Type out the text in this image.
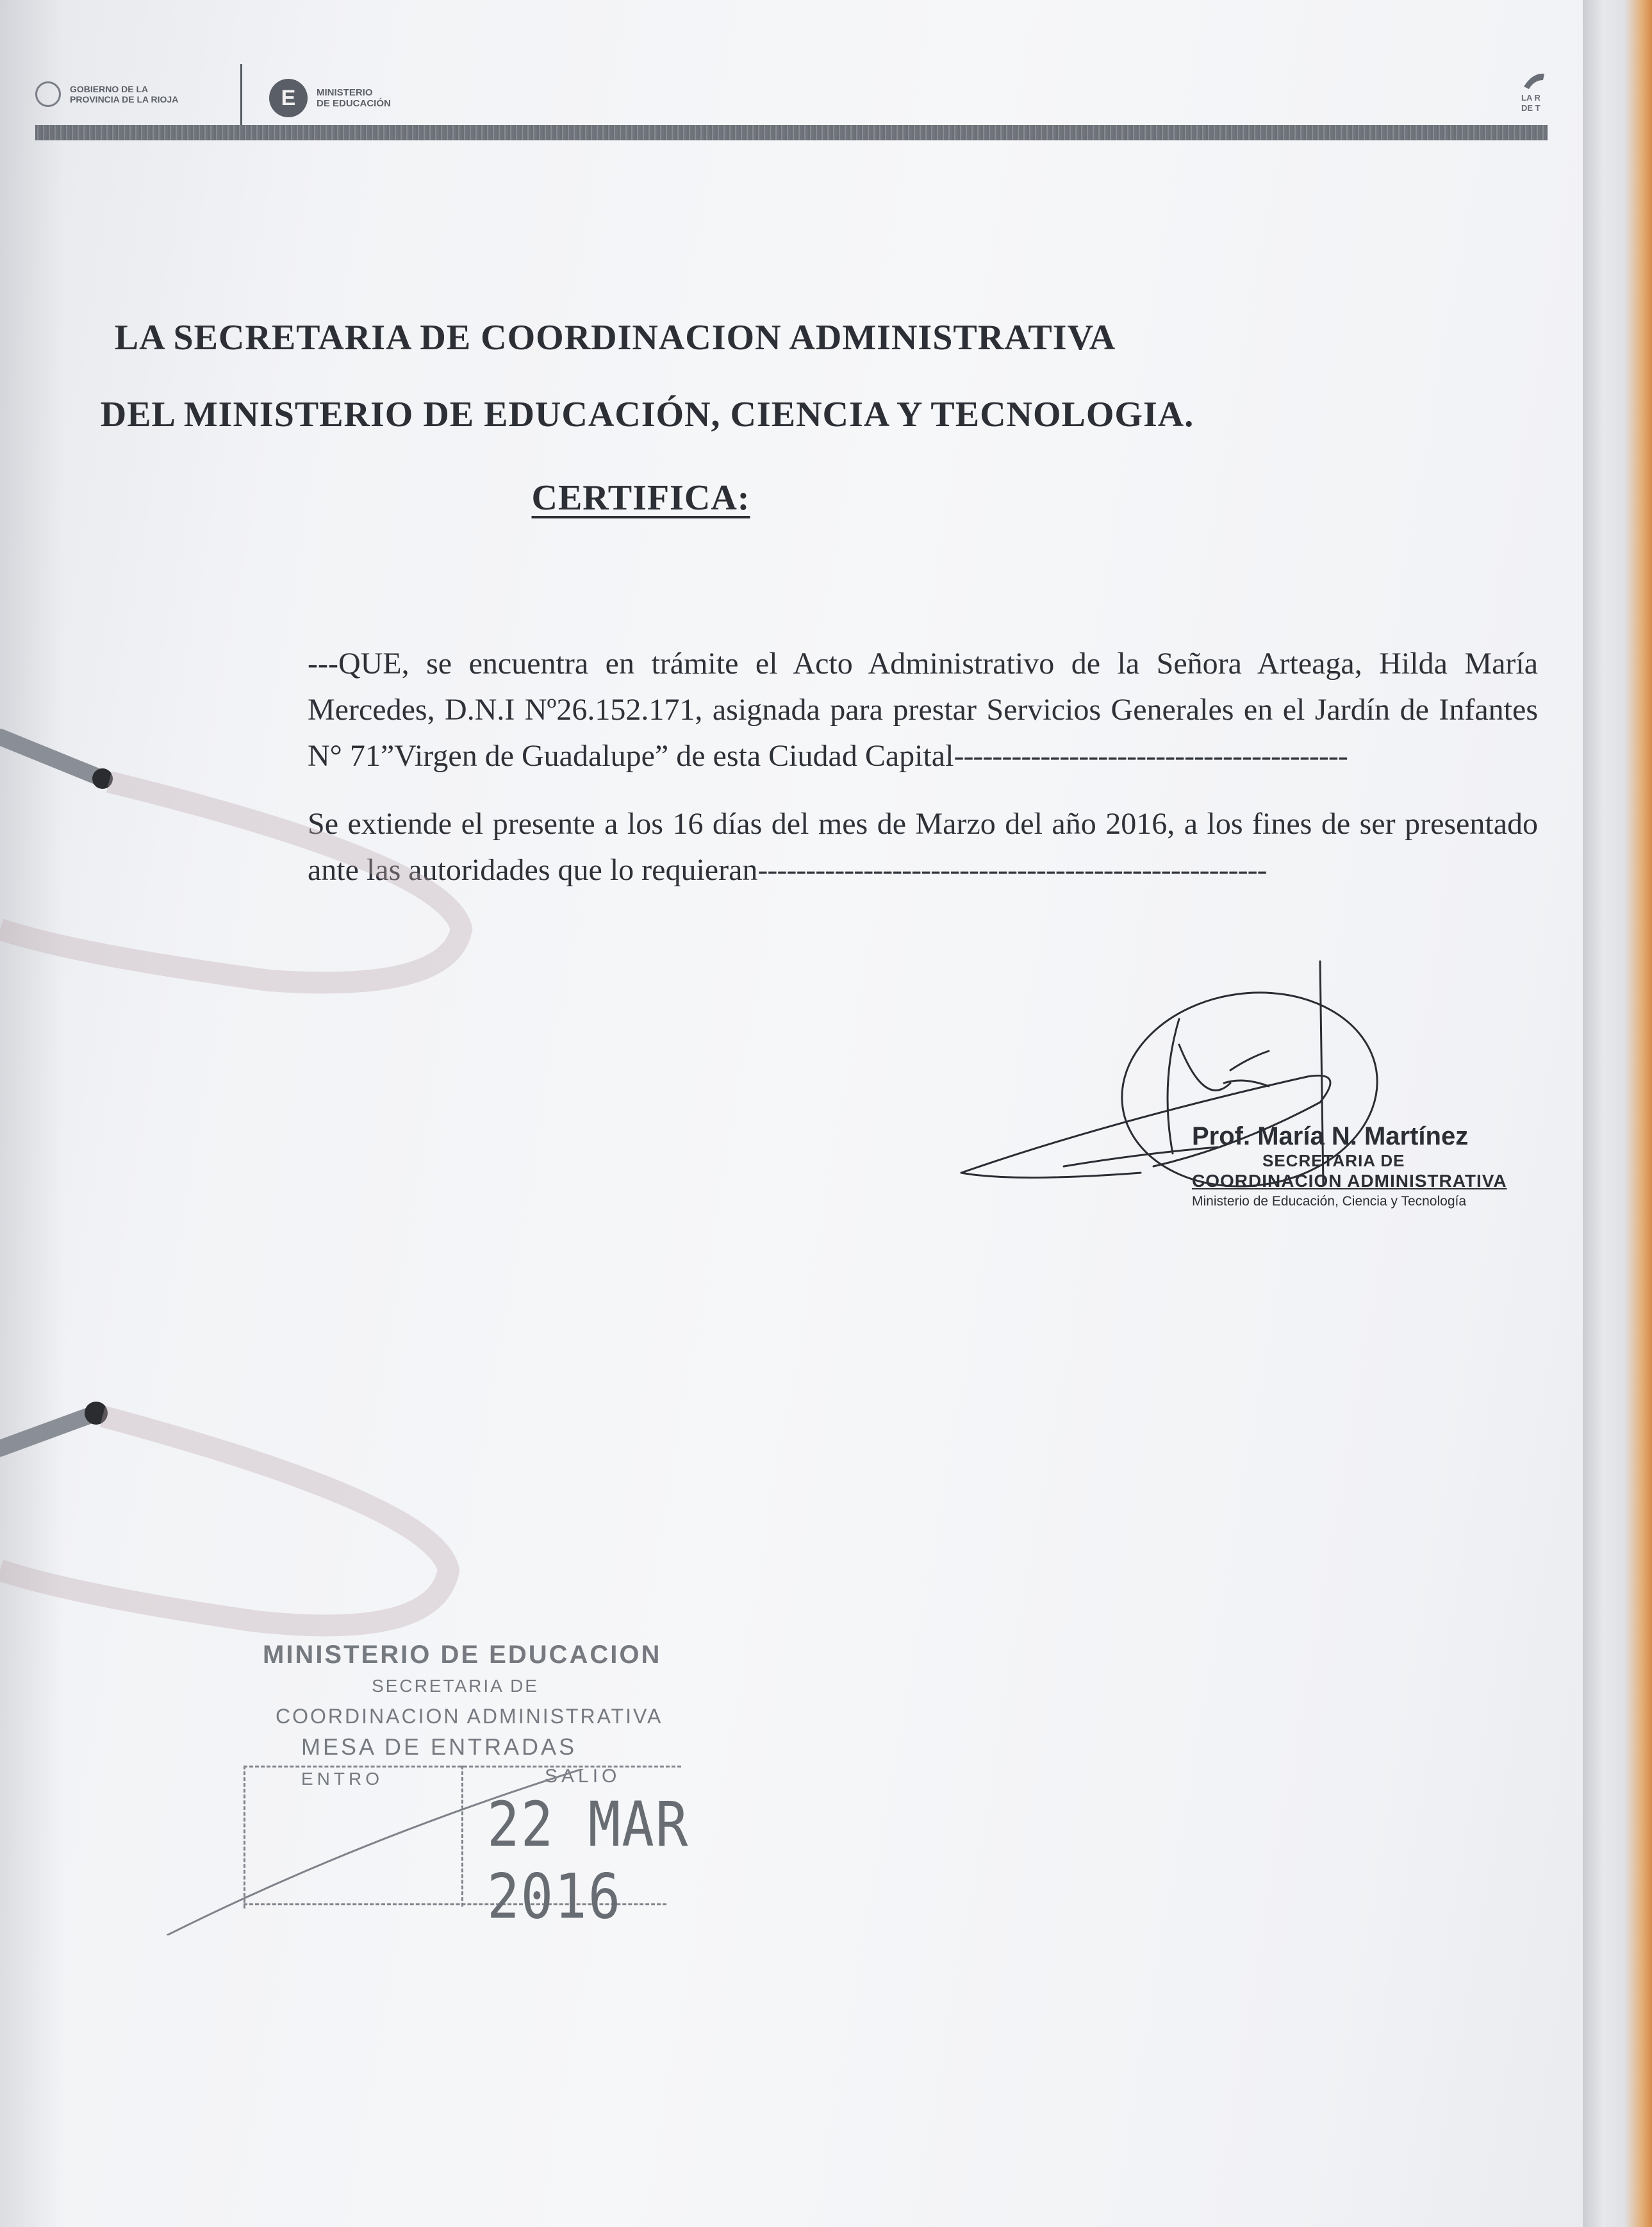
GOBIERNO DE LA
PROVINCIA DE LA RIOJA	E	MINISTERIO
DE EDUCACIÓN
LA R
DE T
LA SECRETARIA DE COORDINACION ADMINISTRATIVA
DEL MINISTERIO DE EDUCACIÓN, CIENCIA Y TECNOLOGIA.
CERTIFICA:
---QUE, se encuentra en trámite el Acto Administrativo de la Señora Arteaga, Hilda María Mercedes, D.N.I Nº26.152.171, asignada para prestar Servicios Generales en el Jardín de Infantes N° 71”Virgen de Guadalupe” de esta Ciudad Capital-----------------------------------------
Se extiende el presente a los 16 días del mes de Marzo del año 2016, a los fines de ser presentado ante las autoridades que lo requieran-----------------------------------------------------
Prof. María N. Martínez
SECRETARIA DE
COORDINACION ADMINISTRATIVA
Ministerio de Educación, Ciencia y Tecnología
MINISTERIO DE EDUCACION
SECRETARIA DE
COORDINACION ADMINISTRATIVA
MESA DE ENTRADAS
ENTRO	SALIO
22 MAR 2016
